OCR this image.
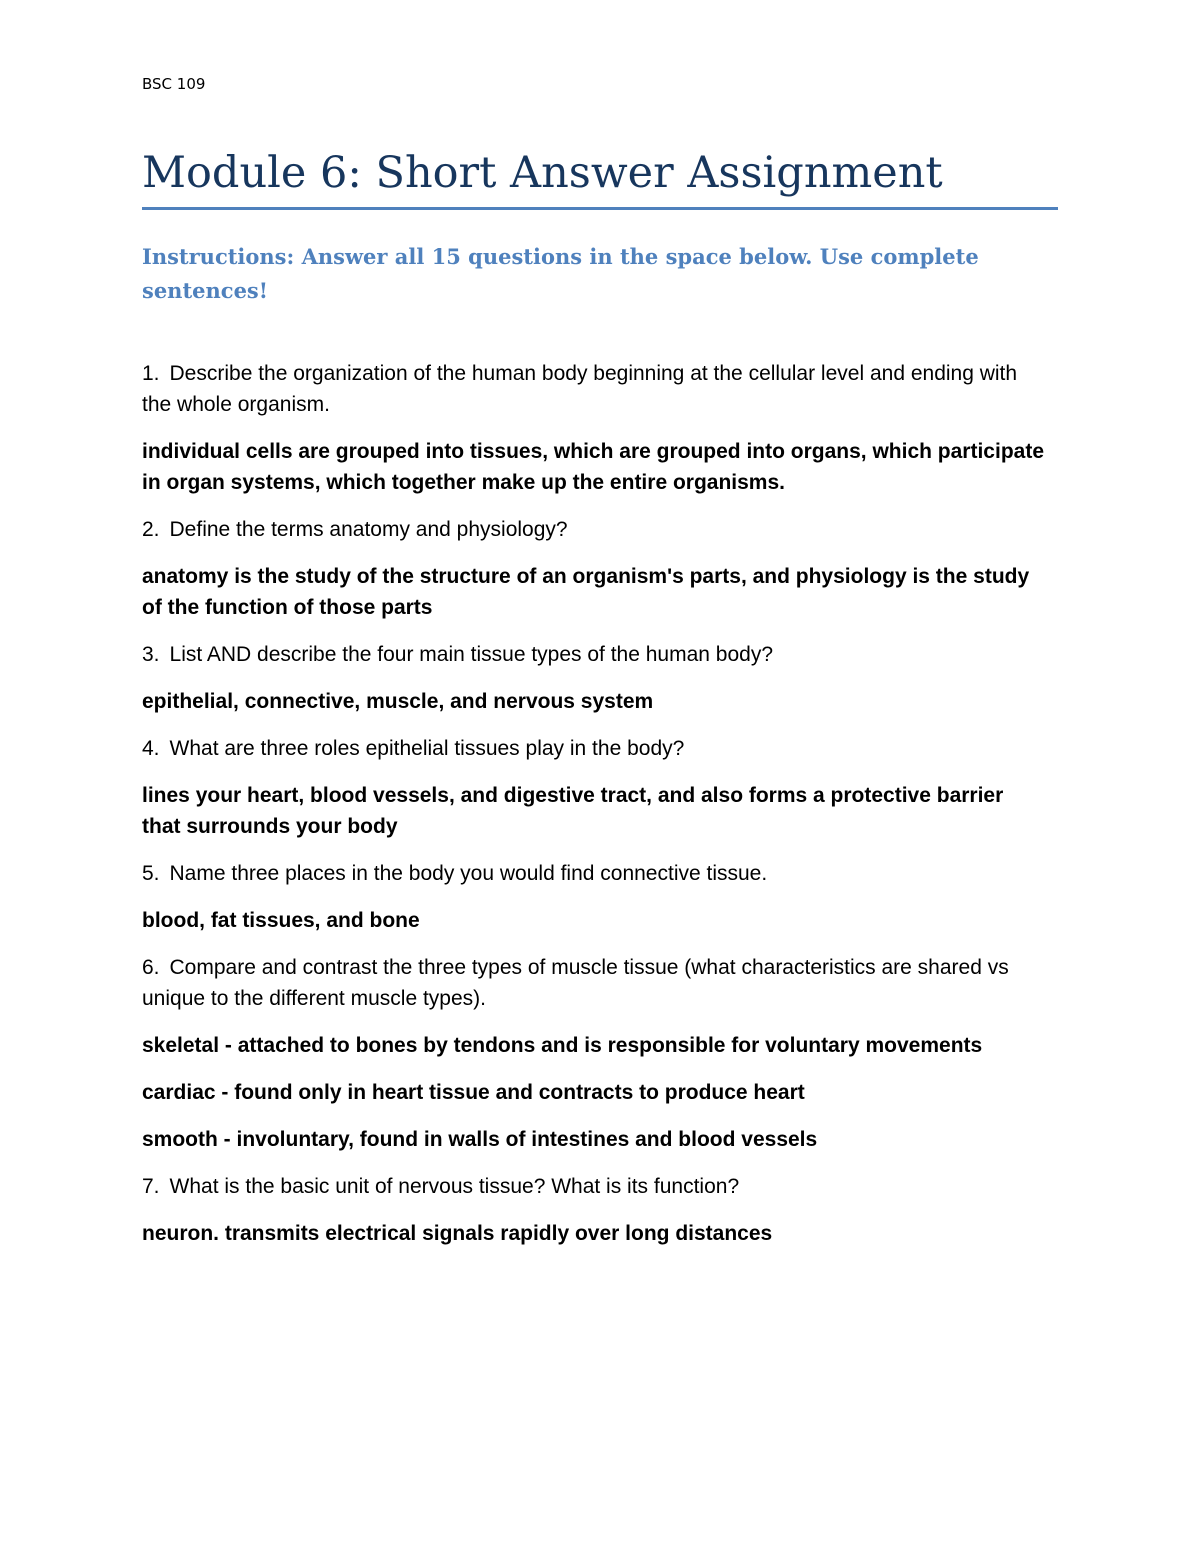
BSC 109
Module 6: Short Answer Assignment
Instructions: Answer all 15 questions in the space below. Use complete sentences!

1. Describe the organization of the human body beginning at the cellular level and ending with the whole organism.

individual cells are grouped into tissues, which are grouped into organs, which participate in organ systems, which together make up the entire organisms.

2. Define the terms anatomy and physiology?

anatomy is the study of the structure of an organism's parts, and physiology is the study of the function of those parts

3. List AND describe the four main tissue types of the human body?

epithelial, connective, muscle, and nervous system

4. What are three roles epithelial tissues play in the body?

lines your heart, blood vessels, and digestive tract, and also forms a protective barrier that surrounds your body

5. Name three places in the body you would find connective tissue.

blood, fat tissues, and bone

6. Compare and contrast the three types of muscle tissue (what characteristics are shared vs unique to the different muscle types).

skeletal - attached to bones by tendons and is responsible for voluntary movements

cardiac - found only in heart tissue and contracts to produce heart

smooth - involuntary, found in walls of intestines and blood vessels

7. What is the basic unit of nervous tissue? What is its function?

neuron. transmits electrical signals rapidly over long distances
